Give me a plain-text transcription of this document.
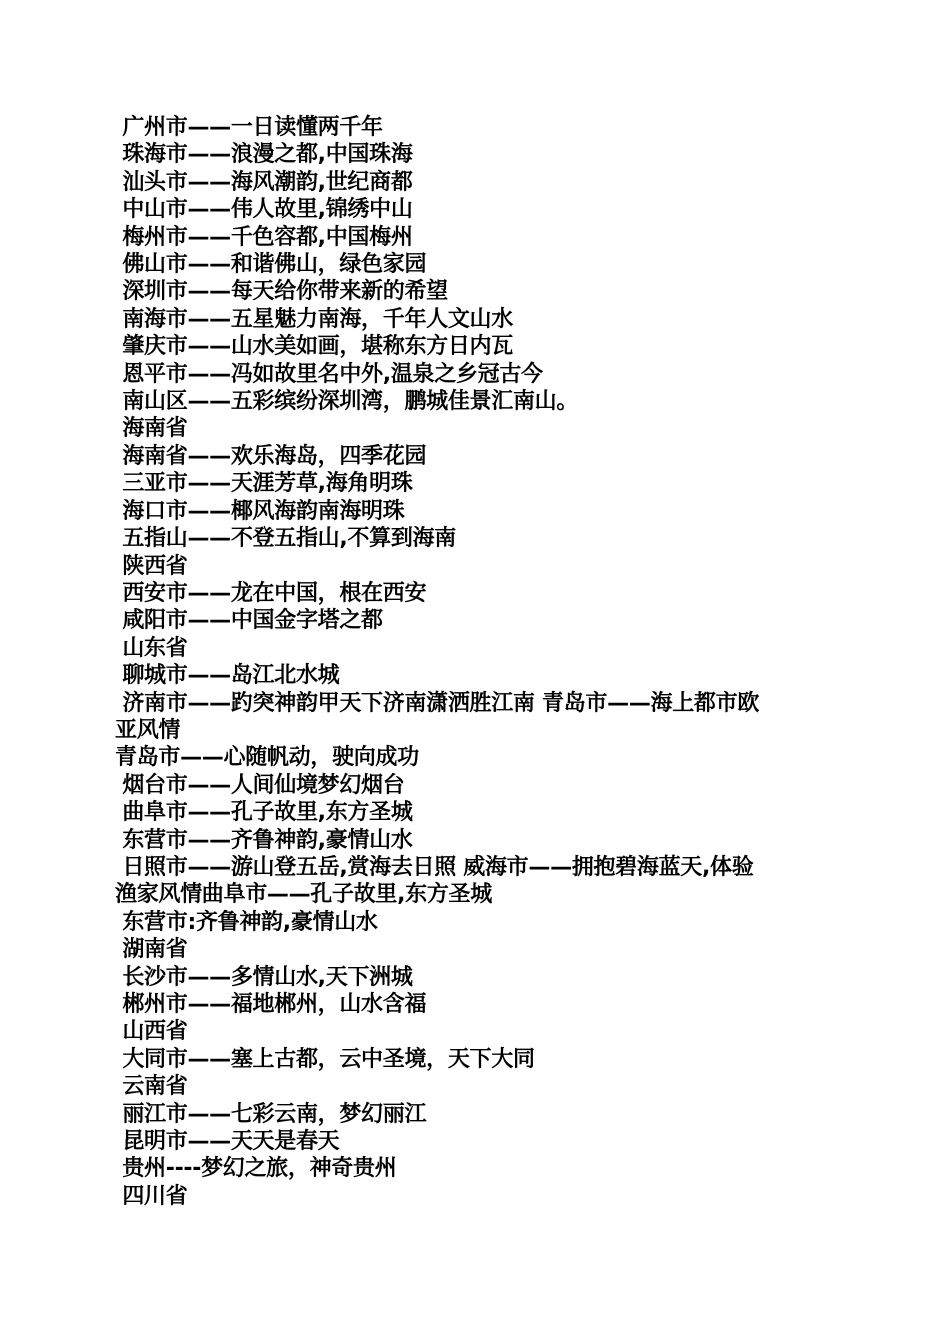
广州市——一日读懂两千年
珠海市——浪漫之都,中国珠海
汕头市——海风潮韵,世纪商都
中山市——伟人故里,锦绣中山
梅州市——千色容都,中国梅州
佛山市——和谐佛山，绿色家园
深圳市——每天给你带来新的希望
南海市——五星魅力南海，千年人文山水
肇庆市——山水美如画，堪称东方日内瓦
恩平市——冯如故里名中外,温泉之乡冠古今
南山区——五彩缤纷深圳湾，鹏城佳景汇南山。
海南省
海南省——欢乐海岛，四季花园
三亚市——天涯芳草,海角明珠
海口市——椰风海韵南海明珠
五指山——不登五指山,不算到海南
陕西省
西安市——龙在中国，根在西安
咸阳市——中国金字塔之都
山东省
聊城市——岛江北水城
济南市——趵突神韵甲天下济南潇洒胜江南 青岛市——海上都市欧
亚风情
青岛市——心随帆动，驶向成功
烟台市——人间仙境梦幻烟台
曲阜市——孔子故里,东方圣城
东营市——齐鲁神韵,豪情山水
日照市——游山登五岳,赏海去日照 威海市——拥抱碧海蓝天,体验
渔家风情曲阜市——孔子故里,东方圣城
东营市:齐鲁神韵,豪情山水
湖南省
长沙市——多情山水,天下洲城
郴州市——福地郴州，山水含福
山西省
大同市——塞上古都，云中圣境，天下大同
云南省
丽江市——七彩云南，梦幻丽江
昆明市——天天是春天
贵州----梦幻之旅，神奇贵州
四川省
